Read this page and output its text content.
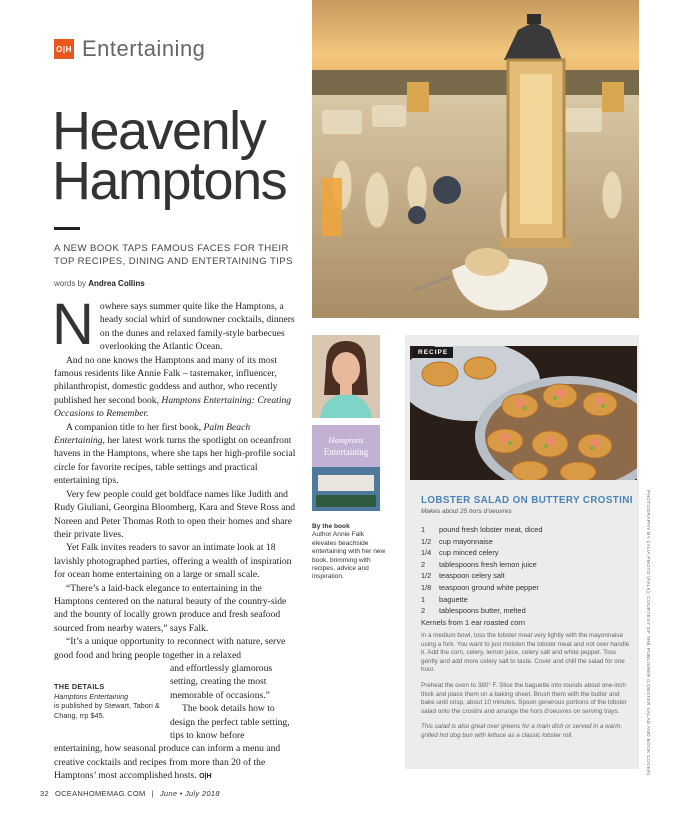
O|H Entertaining
Heavenly
Hamptons
A NEW BOOK TAPS FAMOUS FACES FOR THEIR TOP RECIPES, DINING AND ENTERTAINING TIPS
words by Andrea Collins

Nowhere says summer quite like the Hamptons, a heady social whirl of sundowner cocktails, dinners on the dunes and relaxed family-style barbecues overlooking the Atlantic Ocean.

And no one knows the Hamptons and many of its most famous residents like Annie Falk – tastemaker, influencer, philanthropist, domestic goddess and author, who recently published her second book, Hamptons Entertaining: Creating Occasions to Remember.

A companion title to her first book, Palm Beach Entertaining, her latest work turns the spotlight on oceanfront havens in the Hamptons, where she taps her high-profile social circle for favorite recipes, table settings and practical entertaining tips.

Very few people could get boldface names like Judith and Rudy Giuliani, Georgina Bloomberg, Kara and Steve Ross and Noreen and Peter Thomas Roth to open their homes and share their private lives.

Yet Falk invites readers to savor an intimate look at 18 lavishly photographed parties, offering a wealth of inspiration for ocean home entertaining on a large or small scale.

“There’s a laid-back elegance to entertaining in the Hamptons centered on the natural beauty of the country-side and the bounty of locally grown produce and fresh seafood sourced from nearby waters,” says Falk.

“It’s a unique opportunity to reconnect with nature, serve good food and bring people together in a relaxed

and effortlessly glamorous setting, creating the most memorable of occasions.”

The book details how to design the perfect table setting, tips to know before

entertaining, how seasonal produce can inform a menu and creative cocktails and recipes from more than 20 of the Hamptons’ most accomplished hosts. O|H

THE DETAILS
Hamptons Entertaining
is published by Stewart, Tabori & Chang, rrp $45.
Hamptons
Entertaining
By the book
Author Annie Falk elevates beachside entertaining with her new book, brimming with recipes, advice and inspiration.
RECIPE
LOBSTER SALAD ON BUTTERY CROSTINI
Makes about 25 hors d’oeuvres
1	pound fresh lobster meat, diced
1/2	cup mayonnaise
1/4	cup minced celery
2	tablespoons fresh lemon juice
1/2	teaspoon celery salt
1/8	teaspoon ground white pepper
1	baguette
2	tablespoons butter, melted
Kernels from 1 ear roasted corn

In a medium bowl, toss the lobster meat very lightly with the mayonnaise using a fork. You want to just moisten the lobster meat and not over handle it. Add the corn, celery, lemon juice, celery salt and white pepper. Toss gently and add more celery salt to taste. Cover and chill the salad for one hour.

Preheat the oven to 380° F. Slice the baguette into rounds about one-inch thick and place them on a baking sheet. Brush them with the butter and bake until crisp, about 10 minutes. Spoon generous portions of the lobster salad onto the crostini and arrange the hors d’oeuvres on serving trays.

This salad is also great over greens for a main dish or served in a warm, grilled hot dog bun with lettuce as a classic lobster roll.	PHOTOGRAPHY BY LYLIA PHOTO (FALK); COURTESY OF THE PUBLISHER (LOBSTER SALAD AND BOOK COVER)
32 OCEANHOMEMAG.COM | June • July 2018
